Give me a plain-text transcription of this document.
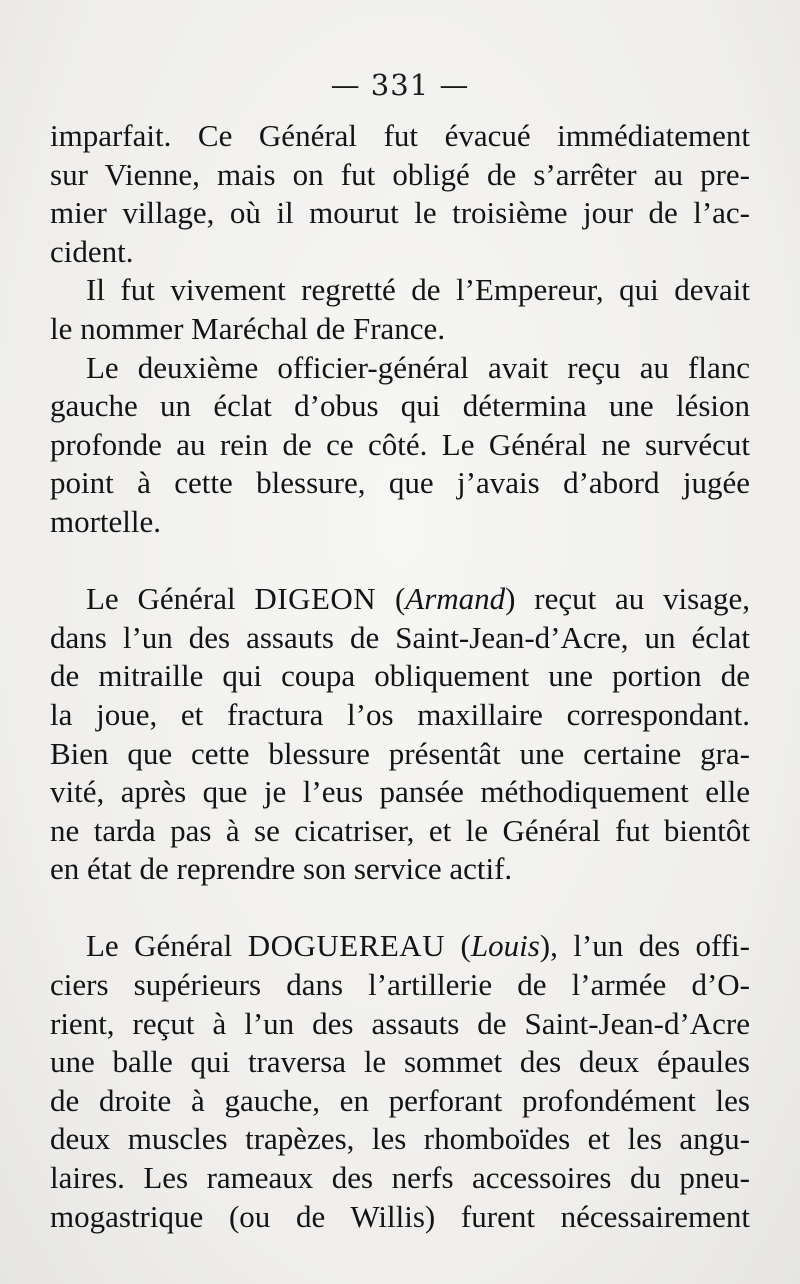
— 331 —
imparfait. Ce Général fut évacué immédiatement
sur Vienne, mais on fut obligé de s’arrêter au pre-
mier village, où il mourut le troisième jour de l’ac-
cident.
Il fut vivement regretté de l’Empereur, qui devait
le nommer Maréchal de France.
Le deuxième officier-général avait reçu au flanc
gauche un éclat d’obus qui détermina une lésion
profonde au rein de ce côté. Le Général ne survécut
point à cette blessure, que j’avais d’abord jugée
mortelle.
Le Général DIGEON (Armand) reçut au visage,
dans l’un des assauts de Saint-Jean-d’Acre, un éclat
de mitraille qui coupa obliquement une portion de
la joue, et fractura l’os maxillaire correspondant.
Bien que cette blessure présentât une certaine gra-
vité, après que je l’eus pansée méthodiquement elle
ne tarda pas à se cicatriser, et le Général fut bientôt
en état de reprendre son service actif.
Le Général DOGUEREAU (Louis), l’un des offi-
ciers supérieurs dans l’artillerie de l’armée d’O-
rient, reçut à l’un des assauts de Saint-Jean-d’Acre
une balle qui traversa le sommet des deux épaules
de droite à gauche, en perforant profondément les
deux muscles trapèzes, les rhomboïdes et les angu-
laires. Les rameaux des nerfs accessoires du pneu-
mogastrique (ou de Willis) furent nécessairement
